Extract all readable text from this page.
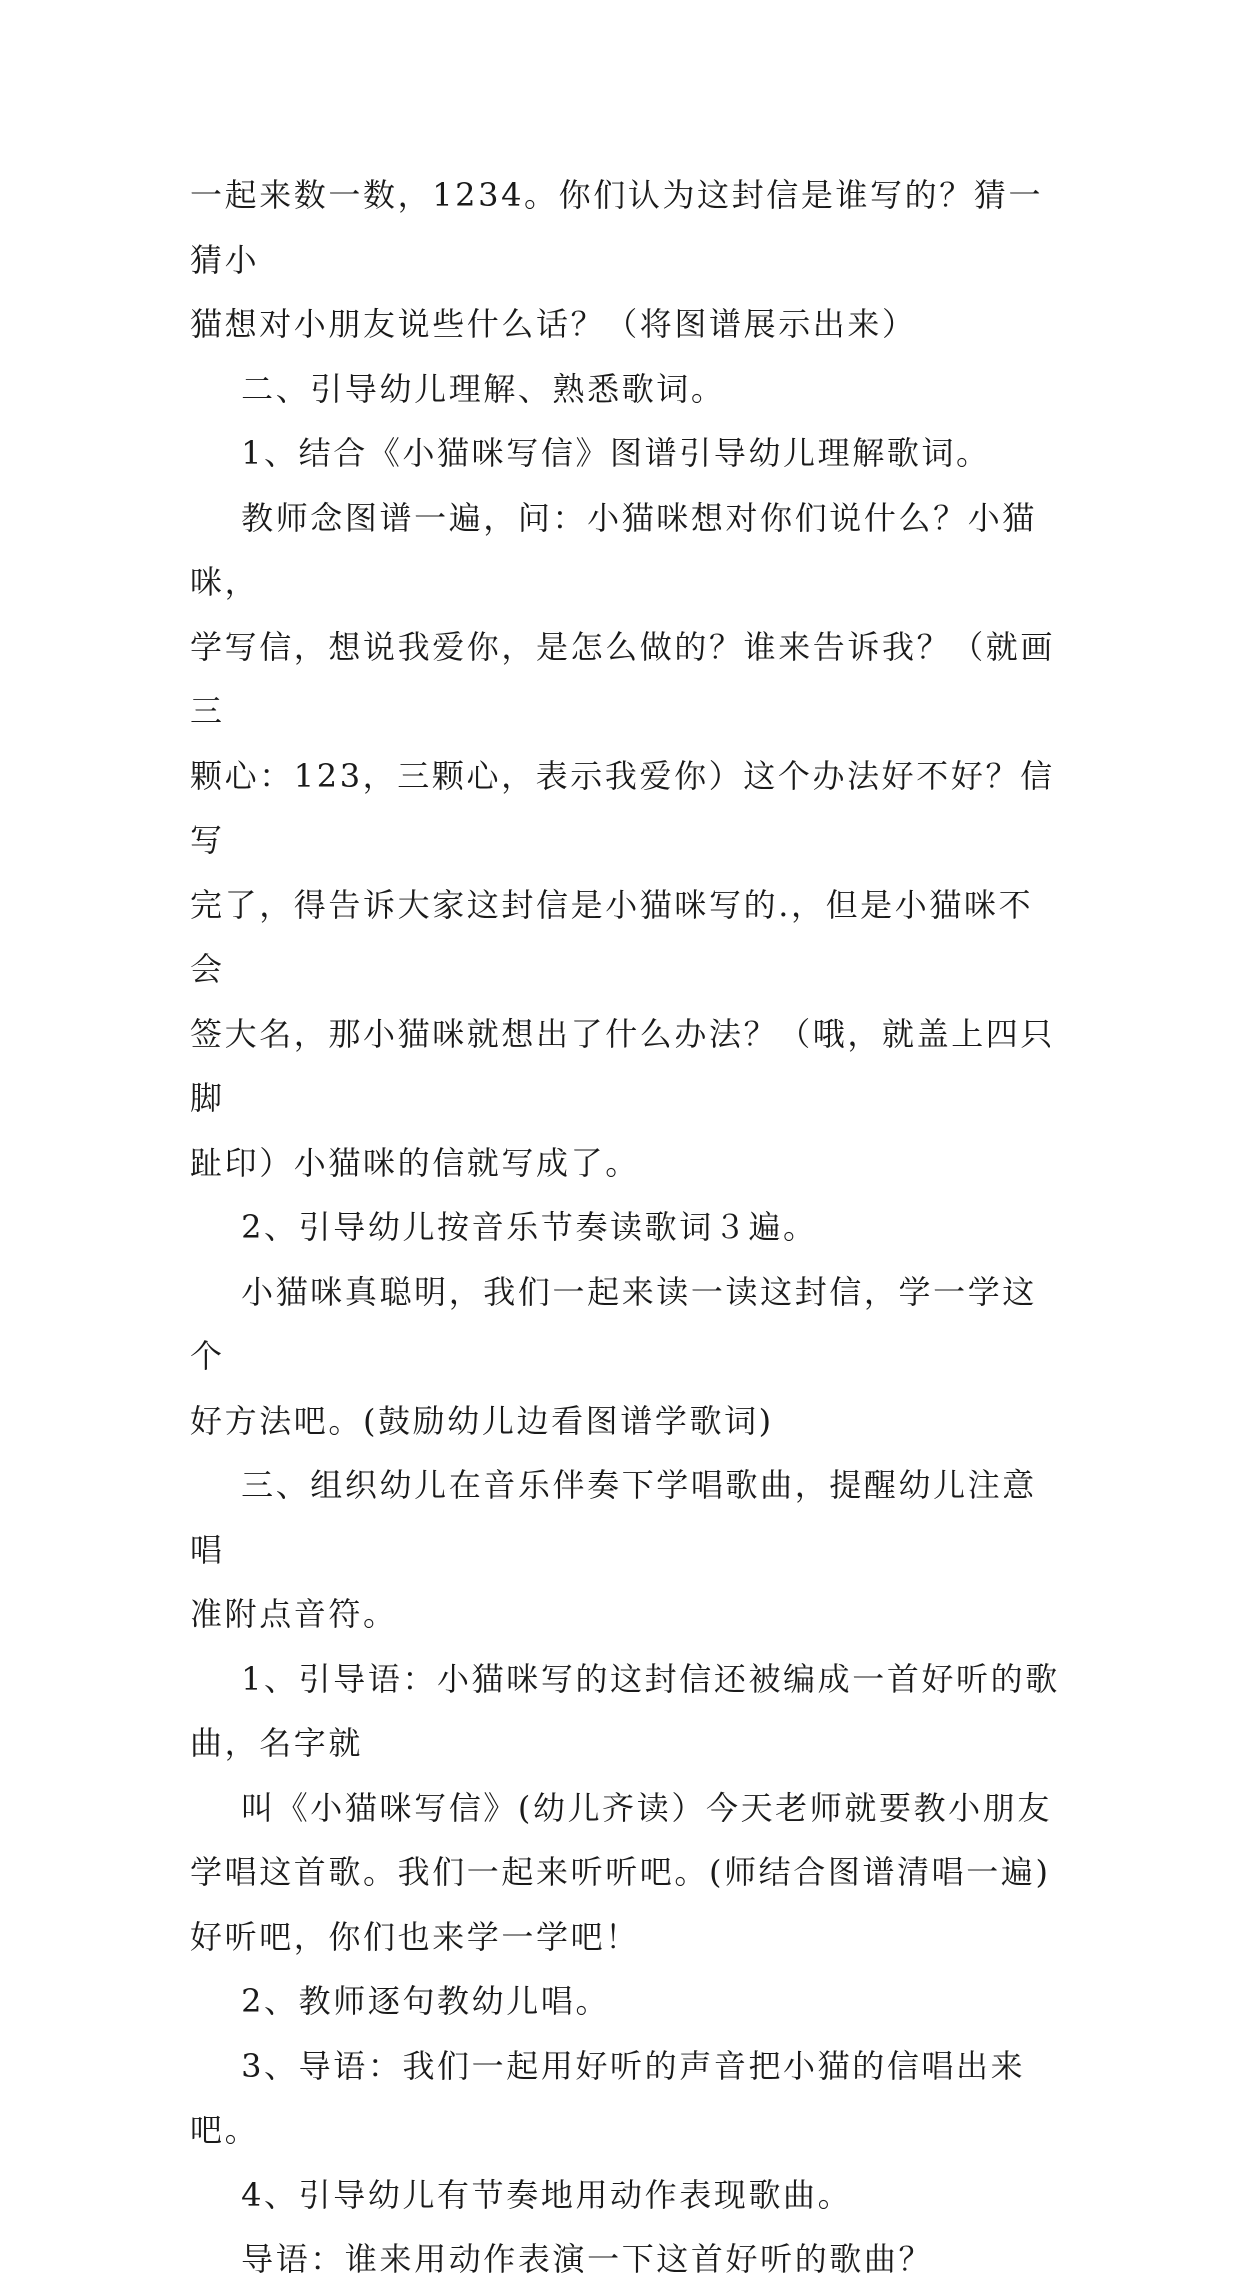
一起来数一数，1234。你们认为这封信是谁写的？猜一猜小

猫想对小朋友说些什么话？（将图谱展示出来）

二、引导幼儿理解、熟悉歌词。

1、结合《小猫咪写信》图谱引导幼儿理解歌词。

教师念图谱一遍，问：小猫咪想对你们说什么？小猫咪，

学写信，想说我爱你，是怎么做的？谁来告诉我？（就画三

颗心：123，三颗心，表示我爱你）这个办法好不好？信写

完了，得告诉大家这封信是小猫咪写的.，但是小猫咪不会

签大名，那小猫咪就想出了什么办法？（哦，就盖上四只脚

趾印）小猫咪的信就写成了。

2、引导幼儿按音乐节奏读歌词３遍。

小猫咪真聪明，我们一起来读一读这封信，学一学这个

好方法吧。(鼓励幼儿边看图谱学歌词)

三、组织幼儿在音乐伴奏下学唱歌曲，提醒幼儿注意唱

准附点音符。

1、引导语：小猫咪写的这封信还被编成一首好听的歌

曲，名字就

叫《小猫咪写信》(幼儿齐读）今天老师就要教小朋友

学唱这首歌。我们一起来听听吧。(师结合图谱清唱一遍)

好听吧，你们也来学一学吧！

2、教师逐句教幼儿唱。

3、导语：我们一起用好听的声音把小猫的信唱出来吧。

4、引导幼儿有节奏地用动作表现歌曲。

导语：谁来用动作表演一下这首好听的歌曲？
